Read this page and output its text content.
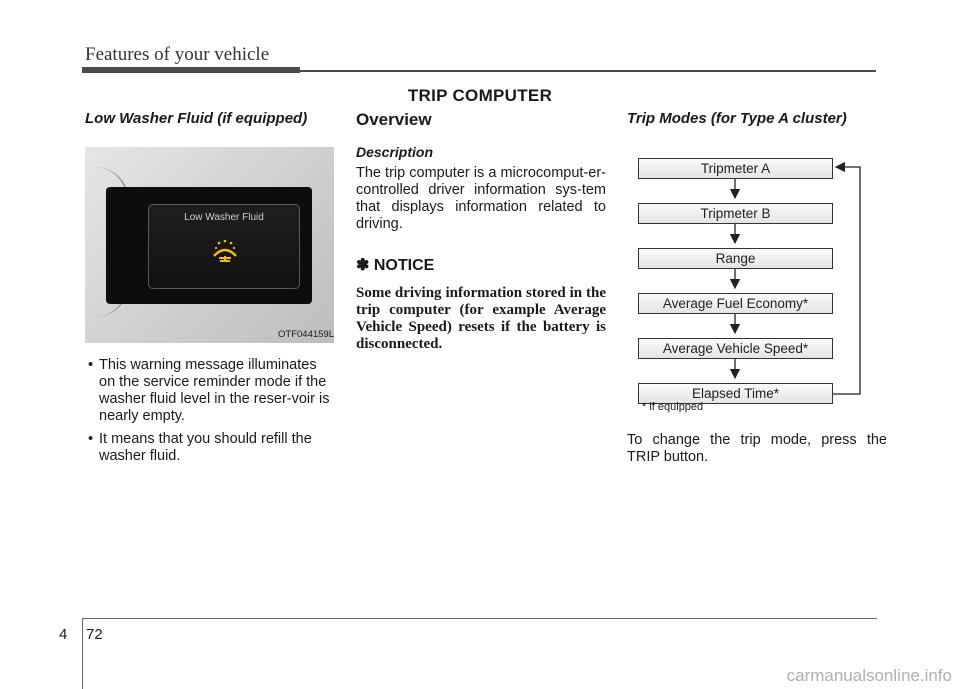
Features of your vehicle
TRIP COMPUTER
Low Washer Fluid (if equipped)
Low Washer Fluid
OTF044159L
• This warning message illuminates on the service reminder mode if the washer fluid level in the reser-voir is nearly empty.
• It means that you should refill the washer fluid.
Overview
Description

The trip computer is a microcomput-er-controlled driver information sys-tem that displays information related to driving.

✽ NOTICE

Some driving information stored in the trip computer (for example Average Vehicle Speed) resets if the battery is disconnected.

Trip Modes (for Type A cluster)
Tripmeter A
Tripmeter B
Range
Average Fuel Economy*
Average Vehicle Speed*
Elapsed Time*
* if equipped

To change the trip mode, press the TRIP button.

4 72
carmanualsonline.info
